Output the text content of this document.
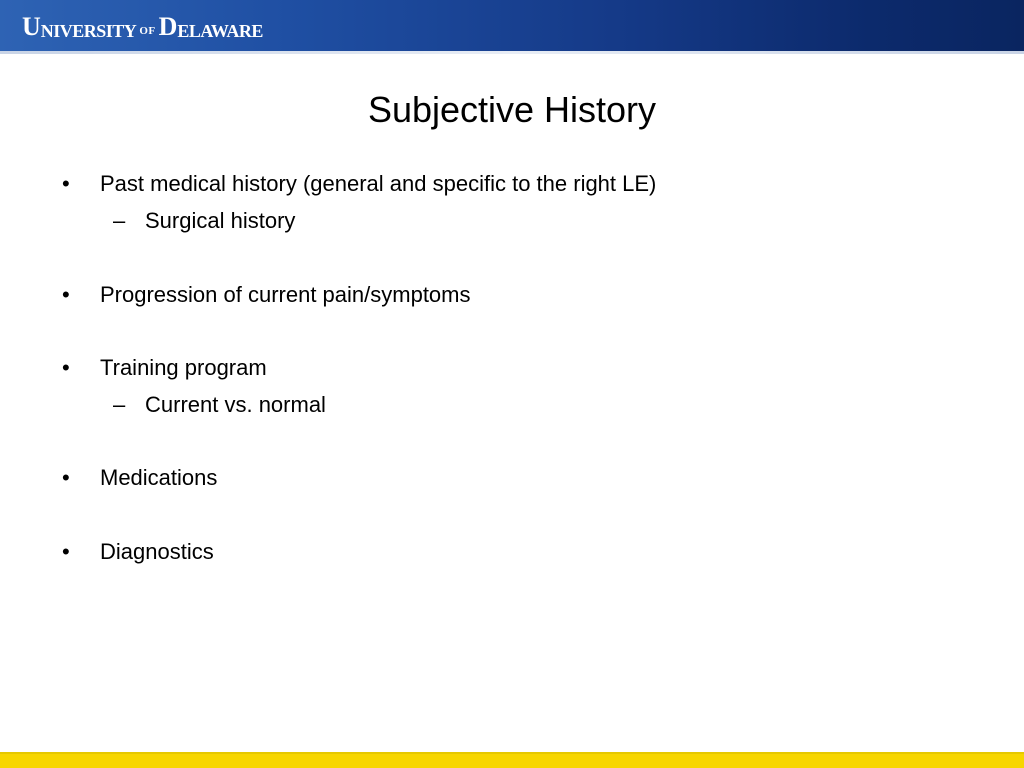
U NIVERSITY OF D ELAWARE
Subjective History
• Past medical history (general and specific to the right LE)
– Surgical history
• Progression of current pain/symptoms
• Training program
– Current vs. normal
• Medications
• Diagnostics
